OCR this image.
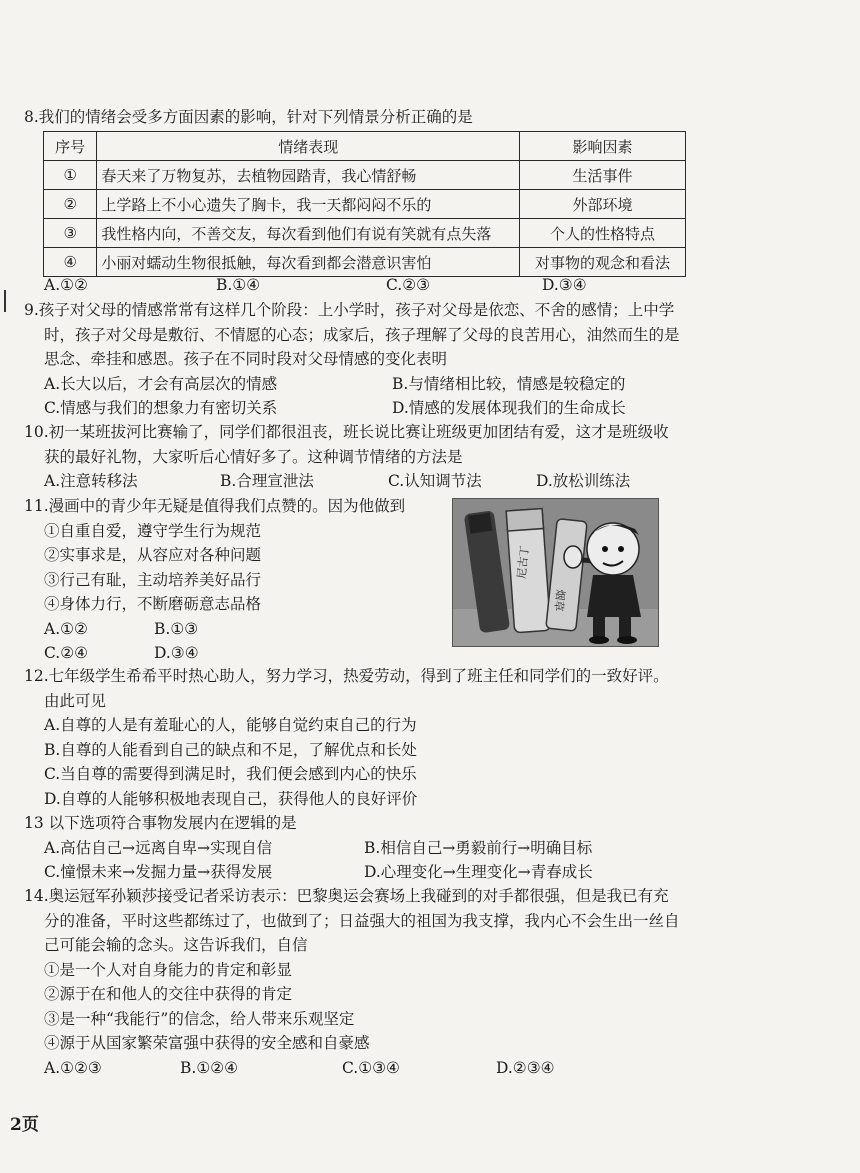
8.我们的情绪会受多方面因素的影响，针对下列情景分析正确的是
序号	情绪表现	影响因素
①	春天来了万物复苏，去植物园踏青，我心情舒畅	生活事件
②	上学路上不小心遗失了胸卡，我一天都闷闷不乐的	外部环境
③	我性格内向，不善交友，每次看到他们有说有笑就有点失落	个人的性格特点
④	小丽对蠕动生物很抵触，每次看到都会潜意识害怕	对事物的观念和看法
A.①②	B.①④	C.②③	D.③④
9.孩子对父母的情感常常有这样几个阶段：上小学时，孩子对父母是依恋、不舍的感情；上中学
时，孩子对父母是敷衍、不情愿的心态；成家后，孩子理解了父母的良苦用心，油然而生的是
思念、牵挂和感恩。孩子在不同时段对父母情感的变化表明
A.长大以后，才会有高层次的情感	B.与情绪相比较，情感是较稳定的
C.情感与我们的想象力有密切关系	D.情感的发展体现我们的生命成长
10.初一某班拔河比赛输了，同学们都很沮丧，班长说比赛让班级更加团结有爱，这才是班级收
获的最好礼物，大家听后心情好多了。这种调节情绪的方法是
A.注意转移法	B.合理宣泄法	C.认知调节法	D.放松训练法
11.漫画中的青少年无疑是值得我们点赞的。因为他做到
①自重自爱，遵守学生行为规范
②实事求是，从容应对各种问题
③行己有耻，主动培养美好品行
④身体力行，不断磨砺意志品格
A.①②	B.①③
C.②④	D.③④
尼古丁
烟草
12.七年级学生希希平时热心助人，努力学习，热爱劳动，得到了班主任和同学们的一致好评。
由此可见
A.自尊的人是有羞耻心的人，能够自觉约束自己的行为
B.自尊的人能看到自己的缺点和不足，了解优点和长处
C.当自尊的需要得到满足时，我们便会感到内心的快乐
D.自尊的人能够积极地表现自己，获得他人的良好评价
13 以下选项符合事物发展内在逻辑的是
A.高估自己→远离自卑→实现自信	B.相信自己→勇毅前行→明确目标
C.憧憬未来→发掘力量→获得发展	D.心理变化→生理变化→青春成长
14.奥运冠军孙颖莎接受记者采访表示：巴黎奥运会赛场上我碰到的对手都很强，但是我已有充
分的准备，平时这些都练过了，也做到了；日益强大的祖国为我支撑，我内心不会生出一丝自
己可能会输的念头。这告诉我们，自信
①是一个人对自身能力的肯定和彰显
②源于在和他人的交往中获得的肯定
③是一种“我能行”的信念，给人带来乐观坚定
④源于从国家繁荣富强中获得的安全感和自豪感
A.①②③	B.①②④	C.①③④	D.②③④
2页
